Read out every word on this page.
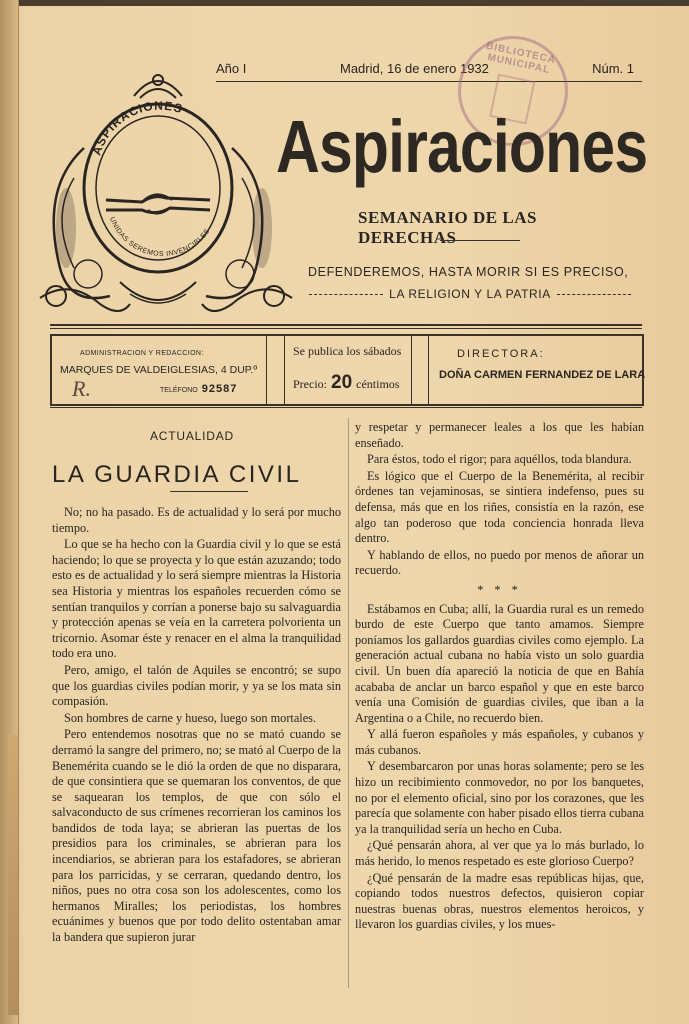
Año I	Madrid, 16 de enero 1932	Núm. 1
BIBLIOTECA MUNICIPAL
ASPIRACIONES
UNIDAS SEREMOS INVENCIBLES
Aspiraciones
SEMANARIO DE LAS DERECHAS
DEFENDEREMOS, HASTA MORIR SI ES PRECISO,
LA RELIGION Y LA PATRIA
ADMINISTRACION Y REDACCION:
MARQUES DE VALDEIGLESIAS, 4 DUP.º
R.	TELÉFONO 92587
Se publica los sábados
Precio: 20 céntimos
DIRECTORA:
DOÑA CARMEN FERNANDEZ DE LARA
ACTUALIDAD
LA GUARDIA CIVIL

No; no ha pasado. Es de actualidad y lo será por mucho tiempo.

Lo que se ha hecho con la Guardia civil y lo que se está haciendo; lo que se proyecta y lo que están azuzando; todo esto es de actualidad y lo será siempre mientras la Historia sea Historia y mientras los españoles recuerden cómo se sentían tranquilos y corrían a ponerse bajo su salvaguardia y protección apenas se veía en la carretera polvorienta un tricornio. Asomar éste y renacer en el alma la tranquilidad todo era uno.

Pero, amigo, el talón de Aquiles se encontró; se supo que los guardias civiles podían morir, y ya se los mata sin compasión.

Son hombres de carne y hueso, luego son mortales.

Pero entendemos nosotras que no se mató cuando se derramó la sangre del primero, no; se mató al Cuerpo de la Benemérita cuando se le dió la orden de que no disparara, de que consintiera que se quemaran los conventos, de que se saquearan los templos, de que con sólo el salvaconducto de sus crímenes recorrieran los caminos los bandidos de toda laya; se abrieran las puertas de los presidios para los criminales, se abrieran para los incendiarios, se abrieran para los estafadores, se abrieran para los parricidas, y se cerraran, quedando dentro, los niños, pues no otra cosa son los adolescentes, como los hermanos Miralles; los periodistas, los hombres ecuánimes y buenos que por todo delito ostentaban amar la bandera que supieron jurar

y respetar y permanecer leales a los que les habían enseñado.

Para éstos, todo el rigor; para aquéllos, toda blandura.

Es lógico que el Cuerpo de la Benemérita, al recibir órdenes tan vejaminosas, se sintiera indefenso, pues su defensa, más que en los riñes, consistía en la razón, ese algo tan poderoso que toda conciencia honrada lleva dentro.

Y hablando de ellos, no puedo por menos de añorar un recuerdo.

* * *

Estábamos en Cuba; allí, la Guardia rural es un remedo burdo de este Cuerpo que tanto amamos. Siempre poníamos los gallardos guardias civiles como ejemplo. La generación actual cubana no había visto un solo guardia civil. Un buen día apareció la noticia de que en Bahía acababa de anclar un barco español y que en este barco venía una Comisión de guardias civiles, que iban a la Argentina o a Chile, no recuerdo bien.

Y allá fueron españoles y más españoles, y cubanos y más cubanos.

Y desembarcaron por unas horas solamente; pero se les hizo un recibimiento conmovedor, no por los banquetes, no por el elemento oficial, sino por los corazones, que les parecía que solamente con haber pisado ellos tierra cubana ya la tranquilidad sería un hecho en Cuba.

¿Qué pensarán ahora, al ver que ya lo más burlado, lo más herido, lo menos respetado es este glorioso Cuerpo?

¿Qué pensarán de la madre esas repúblicas hijas, que, copiando todos nuestros defectos, quisieron copiar nuestras buenas obras, nuestros elementos heroicos, y llevaron los guardias civiles, y los mues-
